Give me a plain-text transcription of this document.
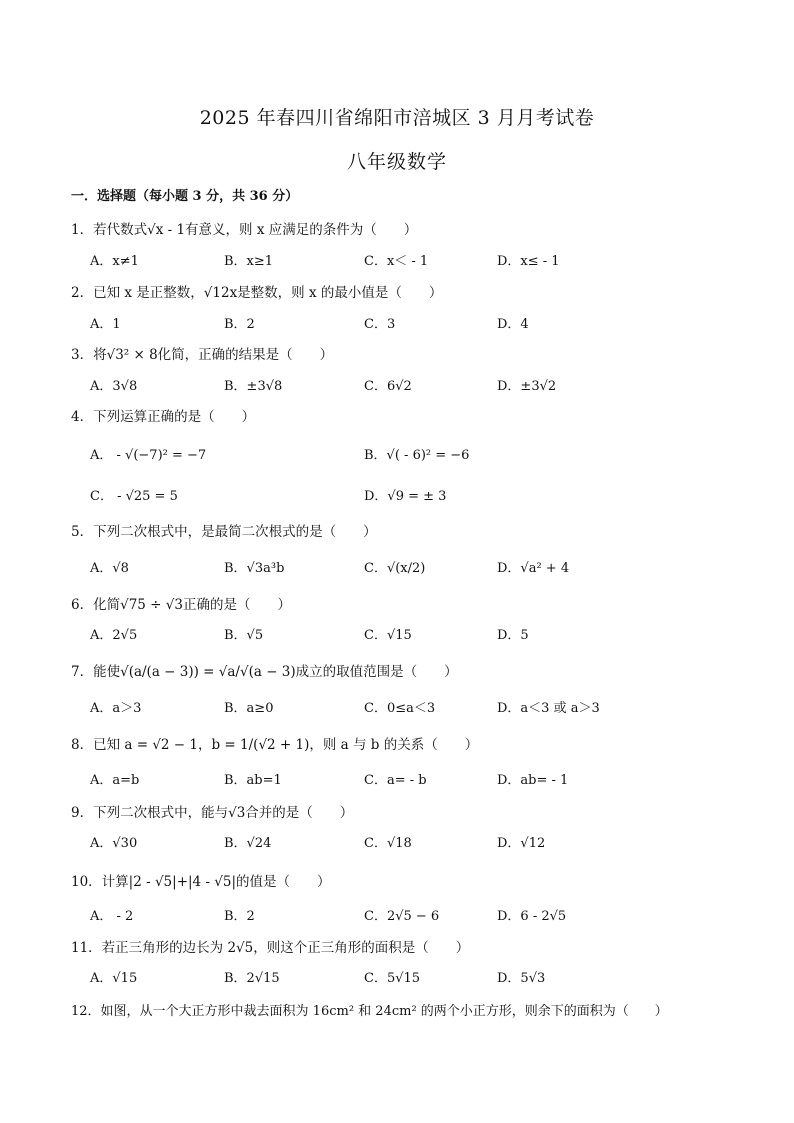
2025 年春四川省绵阳市涪城区 3 月月考试卷
八年级数学
一．选择题（每小题 3 分，共 36 分）
1．若代数式√x - 1有意义，则 x 应满足的条件为（　　）
A．x≠1	B．x≥1	C．x＜ - 1	D．x≤ - 1
2．已知 x 是正整数，√12x是整数，则 x 的最小值是（　　）
A．1	B．2	C．3	D．4
3．将√3² × 8化简，正确的结果是（　　）
A．3√8	B．±3√8	C．6√2	D．±3√2
4．下列运算正确的是（　　）
A． - √(−7)² = −7	B．√( - 6)² = −6
C． - √25 = 5	D．√9 = ± 3
5．下列二次根式中，是最简二次根式的是（　　）
A．√8	B．√3a³b	C．√(x/2)	D．√a² + 4
6．化简√75 ÷ √3正确的是（　　）
A．2√5	B．√5	C．√15	D．5
7．能使√(a/(a − 3)) = √a/√(a − 3)成立的取值范围是（　　）
A．a＞3	B．a≥0	C．0≤a＜3	D．a＜3 或 a＞3
8．已知 a = √2 − 1，b = 1/(√2 + 1)，则 a 与 b 的关系（　　）
A．a=b	B．ab=1	C．a= - b	D．ab= - 1
9．下列二次根式中，能与√3合并的是（　　）
A．√30	B．√24	C．√18	D．√12
10．计算|2 - √5|+|4 - √5|的值是（　　）
A． - 2	B．2	C．2√5 − 6	D．6 - 2√5
11．若正三角形的边长为 2√5，则这个正三角形的面积是（　　）
A．√15	B．2√15	C．5√15	D．5√3
12．如图，从一个大正方形中裁去面积为 16cm² 和 24cm² 的两个小正方形，则余下的面积为（　　）
